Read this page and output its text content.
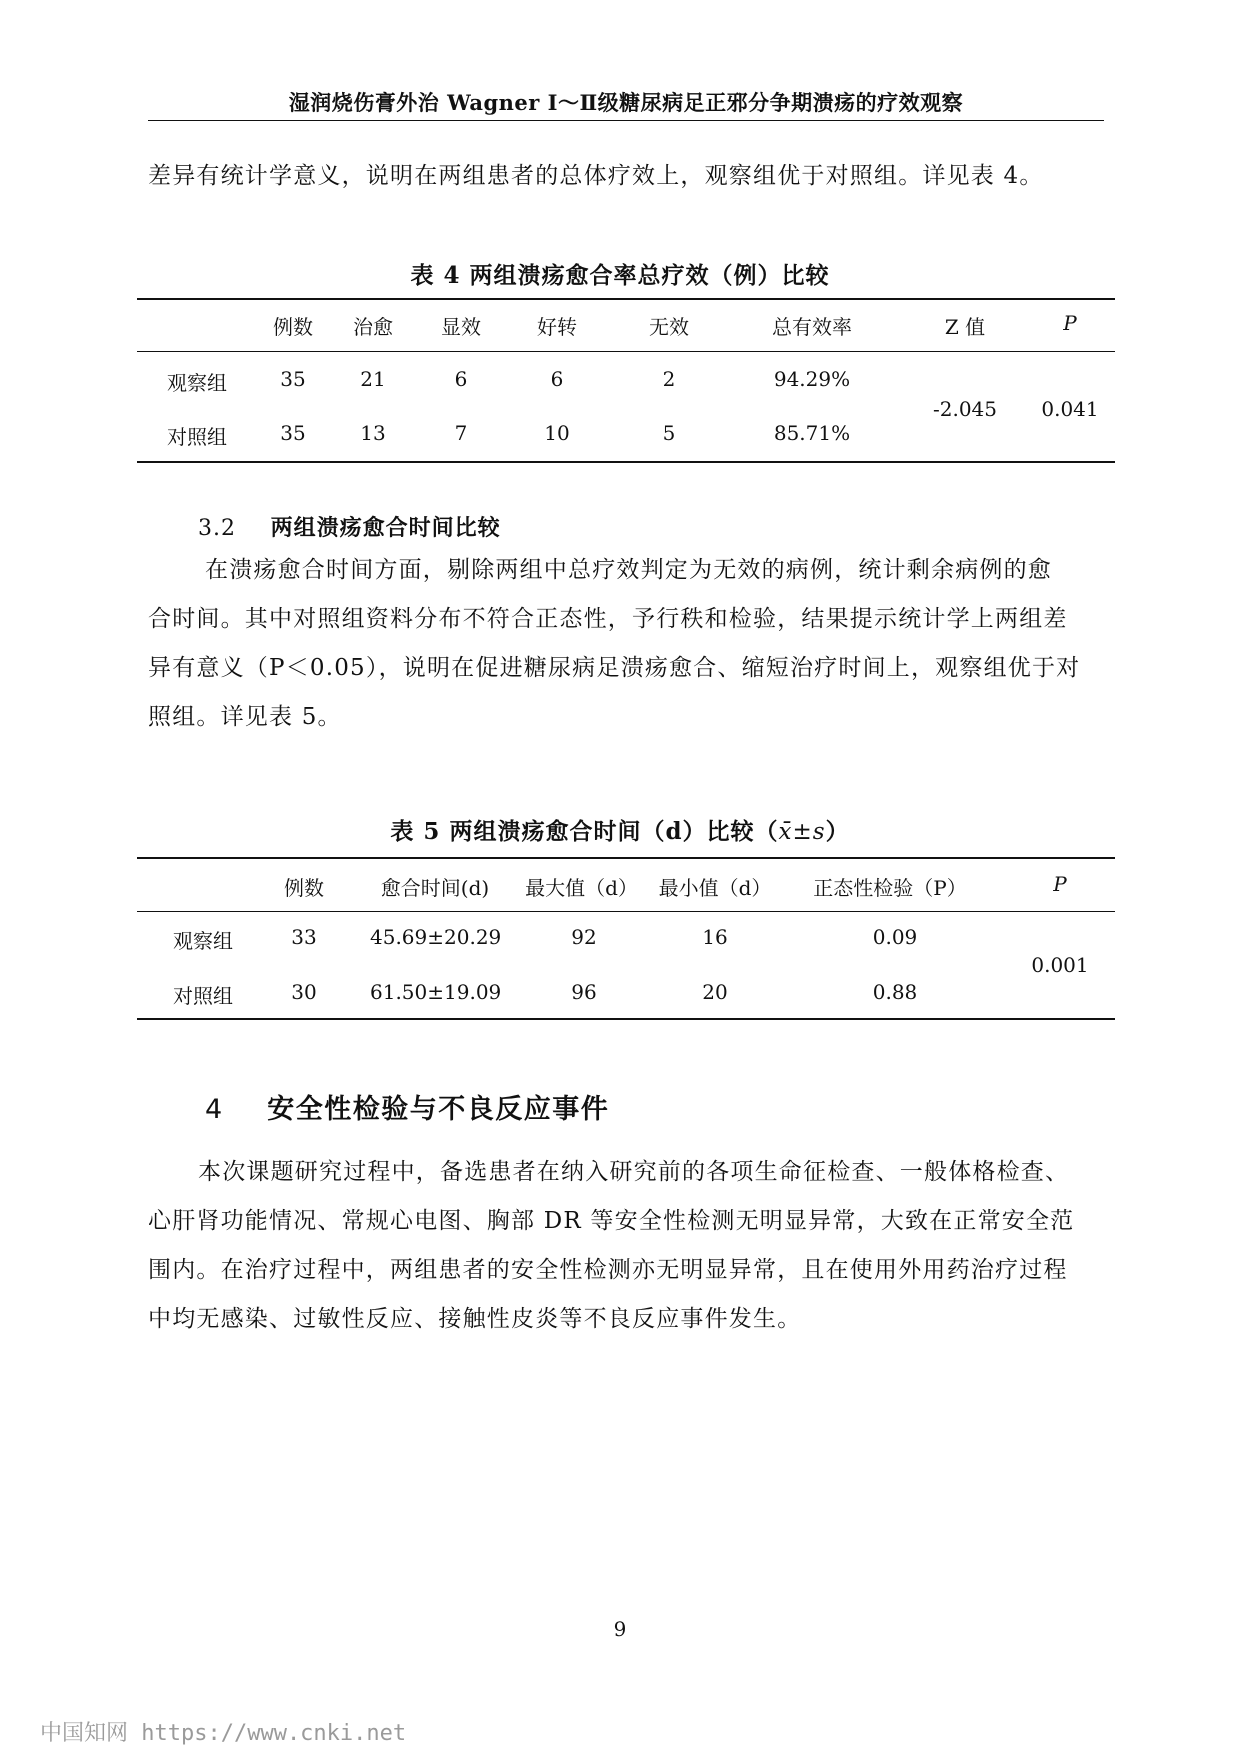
湿润烧伤膏外治 Wagner Ⅰ～Ⅱ级糖尿病足正邪分争期溃疡的疗效观察
差异有统计学意义，说明在两组患者的总体疗效上，观察组优于对照组。详见表 4。
表 4 两组溃疡愈合率总疗效（例）比较
例数 治愈 显效	好转	无效	总有效率	Z 值	P
观察组	35	21	6	6	2	94.29%
对照组	35	13	7	10	5	85.71%
-2.045	0.041
3.2 两组溃疡愈合时间比较
在溃疡愈合时间方面，剔除两组中总疗效判定为无效的病例，统计剩余病例的愈
合时间。其中对照组资料分布不符合正态性，予行秩和检验，结果提示统计学上两组差
异有意义（P＜0.05），说明在促进糖尿病足溃疡愈合、缩短治疗时间上，观察组优于对
照组。详见表 5。
表 5 两组溃疡愈合时间（d）比较（x̄±s）
例数	愈合时间(d)	最大值（d） 最小值（d）	正态性检验（P）	P
观察组	33	45.69±20.29	92	16	0.09
对照组	30	61.50±19.09	96	20	0.88
0.001
4 安全性检验与不良反应事件
本次课题研究过程中，备选患者在纳入研究前的各项生命征检查、一般体格检查、
心肝肾功能情况、常规心电图、胸部 DR 等安全性检测无明显异常，大致在正常安全范
围内。在治疗过程中，两组患者的安全性检测亦无明显异常，且在使用外用药治疗过程
中均无感染、过敏性反应、接触性皮炎等不良反应事件发生。
9
中国知网 https://www.cnki.net
